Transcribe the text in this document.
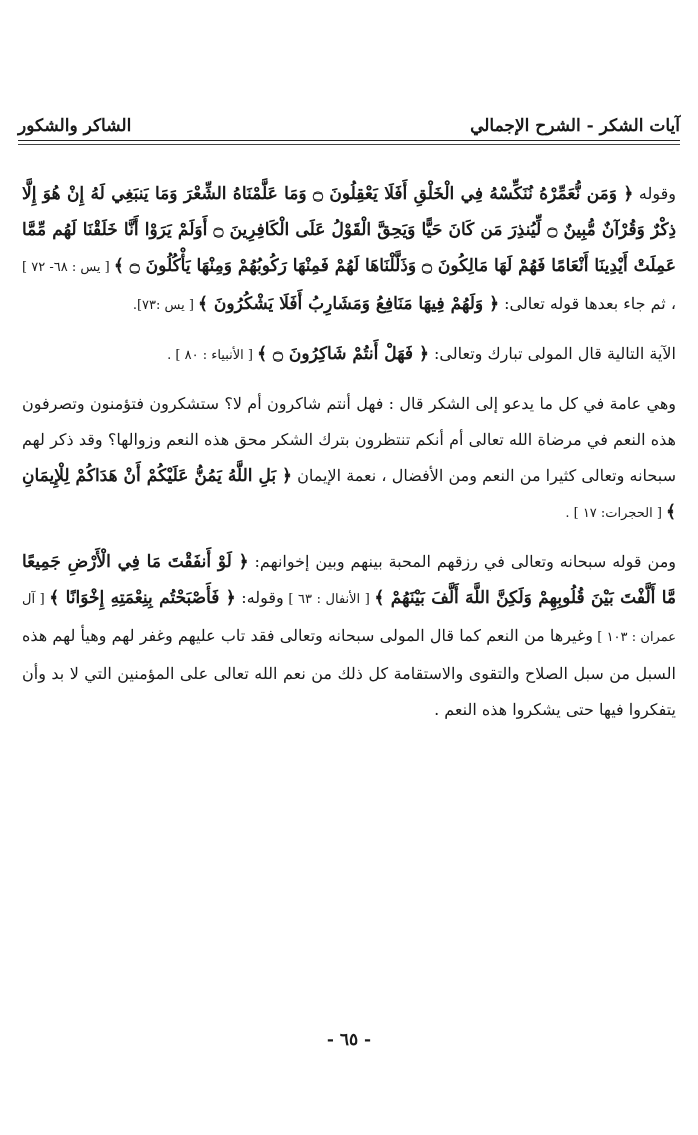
آيات الشكر - الشرح الإجمالي
الشاكر والشكور

وقوله ﴿ وَمَن نُّعَمِّرْهُ نُنَكِّسْهُ فِي الْخَلْقِ أَفَلَا يَعْقِلُونَ ۝ وَمَا عَلَّمْنَاهُ الشِّعْرَ وَمَا يَنبَغِي لَهُ إِنْ هُوَ إِلَّا ذِكْرٌ وَقُرْآنٌ مُّبِينٌ ۝ لِّيُنذِرَ مَن كَانَ حَيًّا وَيَحِقَّ الْقَوْلُ عَلَى الْكَافِرِينَ ۝ أَوَلَمْ يَرَوْا أَنَّا خَلَقْنَا لَهُم مِّمَّا عَمِلَتْ أَيْدِينَا أَنْعَامًا فَهُمْ لَهَا مَالِكُونَ ۝ وَذَلَّلْنَاهَا لَهُمْ فَمِنْهَا رَكُوبُهُمْ وَمِنْهَا يَأْكُلُونَ ۝ ﴾ [ يس : ٦٨- ٧٢ ] ، ثم جاء بعدها قوله تعالى: ﴿ وَلَهُمْ فِيهَا مَنَافِعُ وَمَشَارِبُ أَفَلَا يَشْكُرُونَ ﴾ [ يس :٧٣].

الآية التالية قال المولى تبارك وتعالى: ﴿ فَهَلْ أَنتُمْ شَاكِرُونَ ۝ ﴾ [ الأنبياء : ٨٠ ] .

وهي عامة في كل ما يدعو إلى الشكر قال : فهل أنتم شاكرون أم لا؟ ستشكرون فتؤمنون وتصرفون هذه النعم في مرضاة الله تعالى أم أنكم تنتظرون بترك الشكر محق هذه النعم وزوالها؟ وقد ذكر لهم سبحانه وتعالى كثيرا من النعم ومن الأفضال ، نعمة الإيمان ﴿ بَلِ اللَّهُ يَمُنُّ عَلَيْكُمْ أَنْ هَدَاكُمْ لِلْإِيمَانِ ﴾ [ الحجرات: ١٧ ] .

ومن قوله سبحانه وتعالى في رزقهم المحبة بينهم وبين إخوانهم: ﴿ لَوْ أَنفَقْتَ مَا فِي الْأَرْضِ جَمِيعًا مَّا أَلَّفْتَ بَيْنَ قُلُوبِهِمْ وَلَكِنَّ اللَّهَ أَلَّفَ بَيْنَهُمْ ﴾ [ الأنفال : ٦٣ ] وقوله: ﴿ فَأَصْبَحْتُم بِنِعْمَتِهِ إِخْوَانًا ﴾ [ آل عمران : ١٠٣ ] وغيرها من النعم كما قال المولى سبحانه وتعالى فقد تاب عليهم وغفر لهم وهيأ لهم هذه السبل من سبل الصلاح والتقوى والاستقامة كل ذلك من نعم الله تعالى على المؤمنين التي لا بد وأن يتفكروا فيها حتى يشكروا هذه النعم .

- ٦٥ -
